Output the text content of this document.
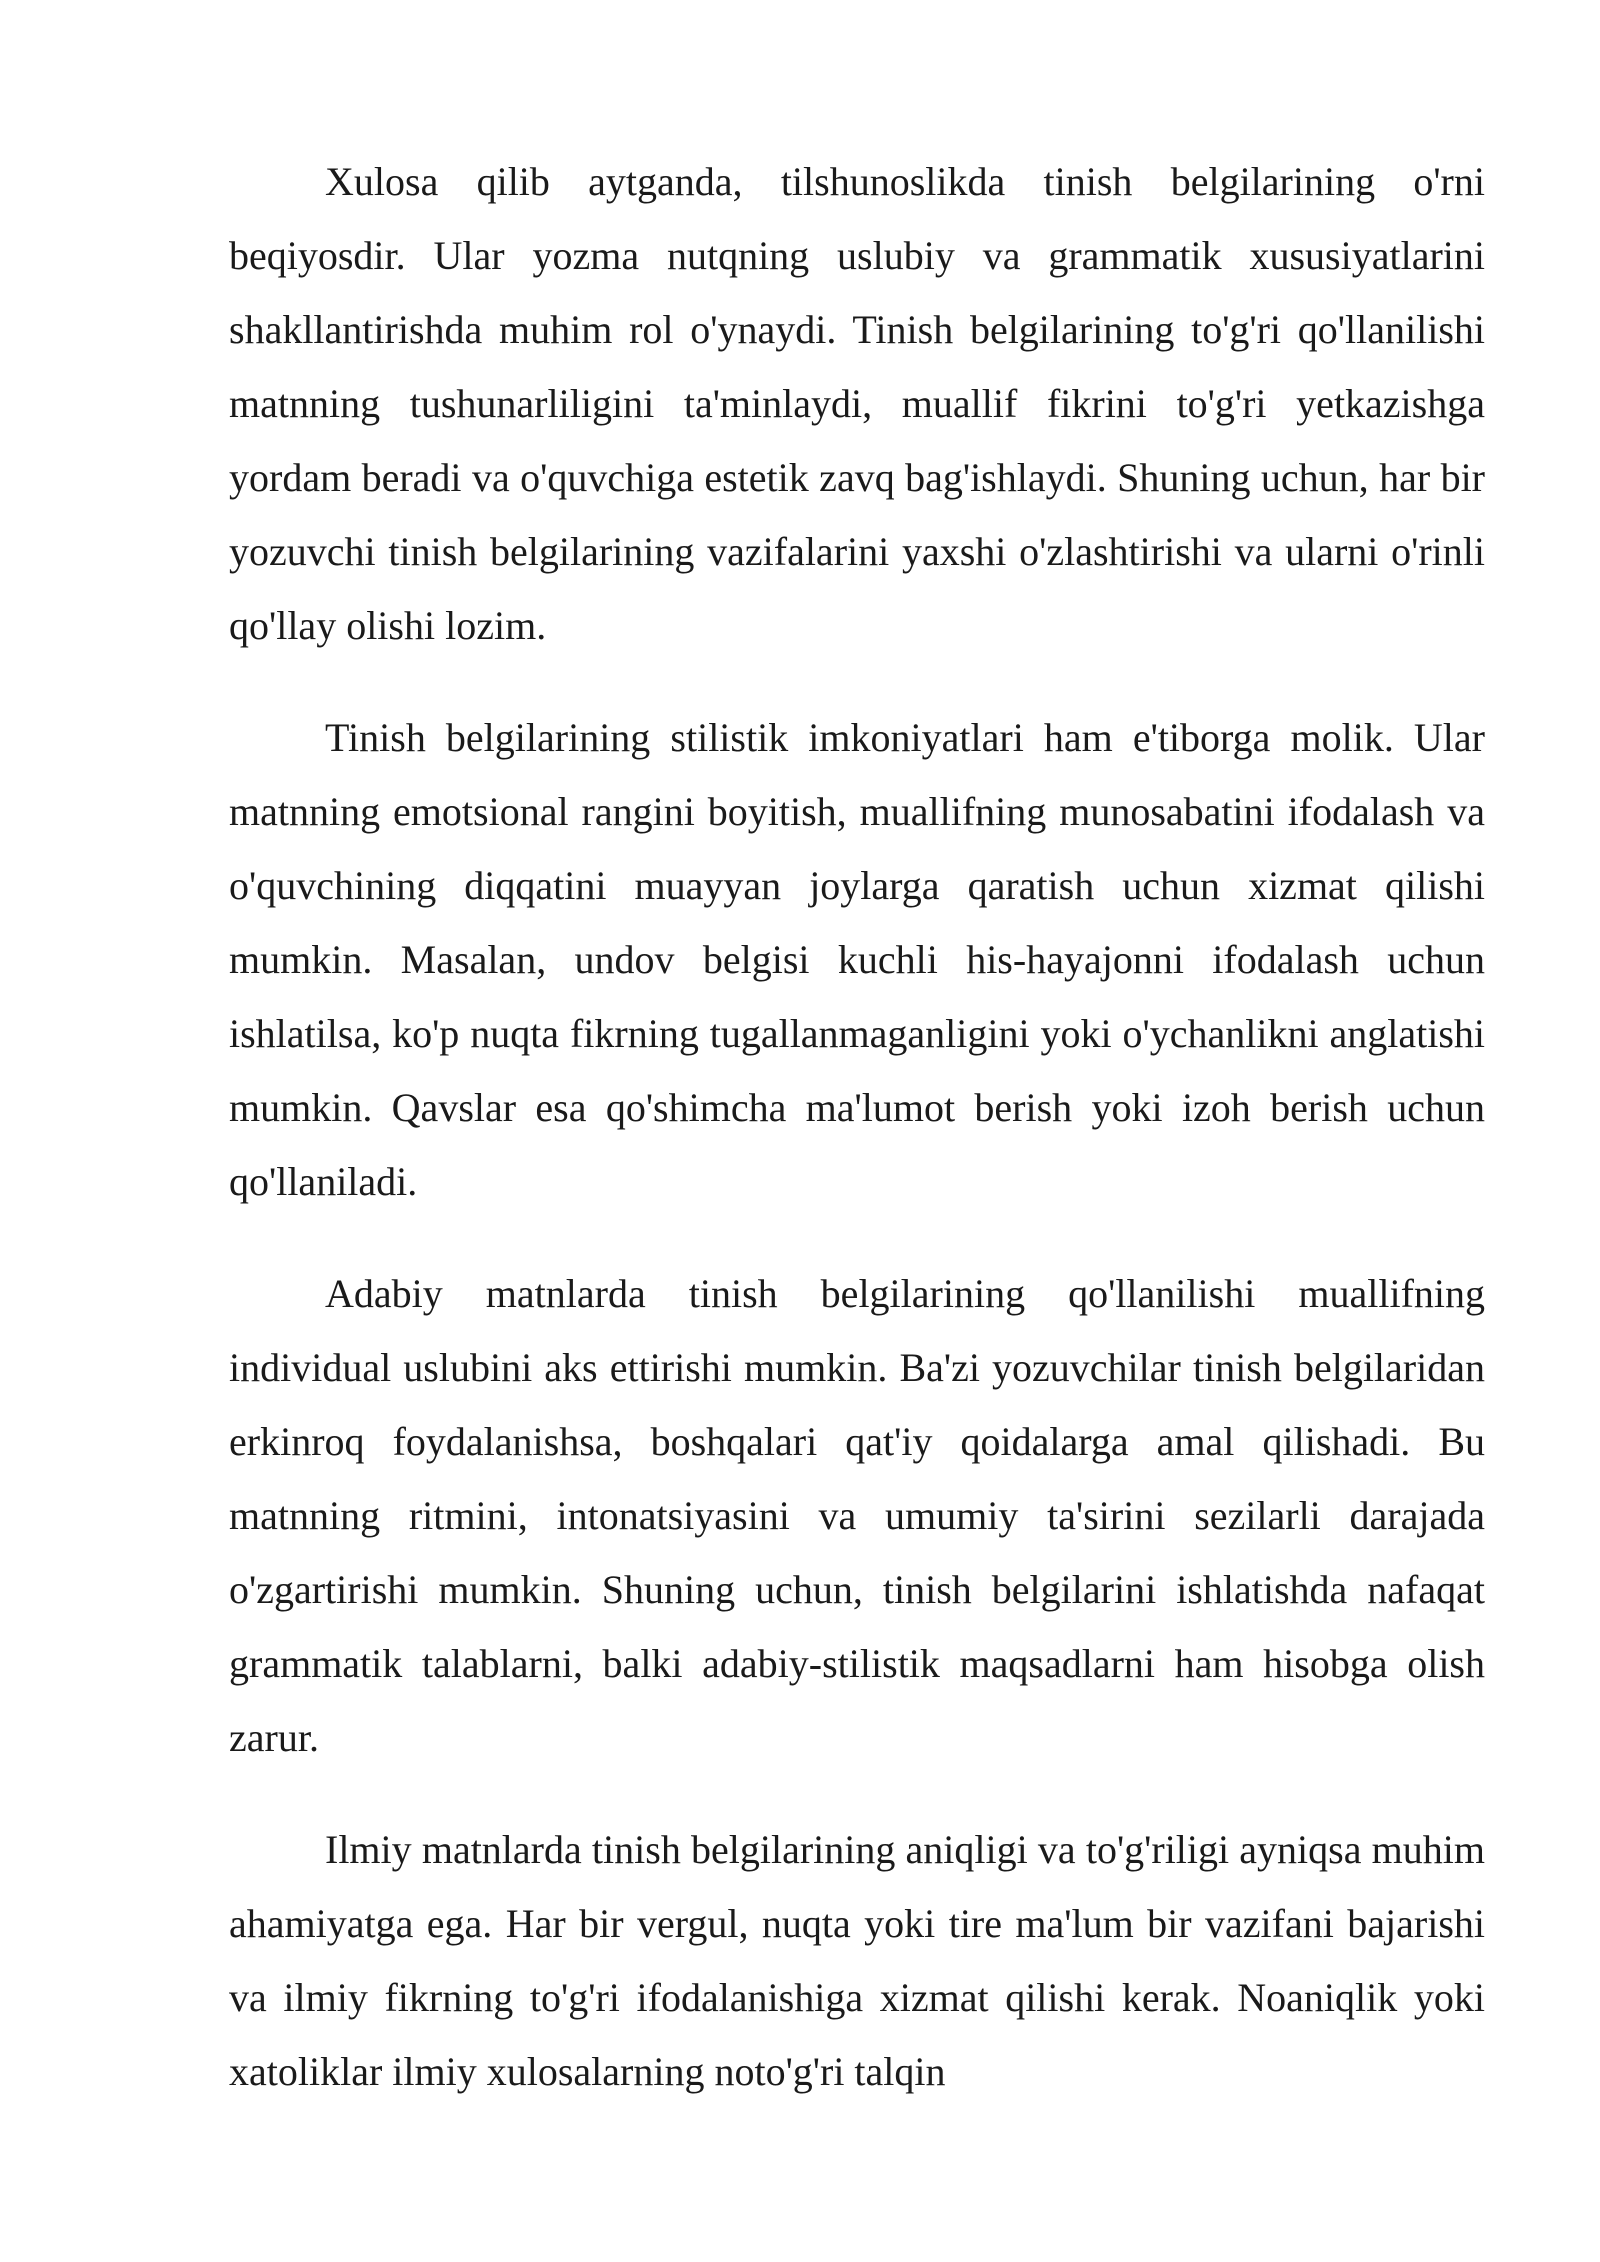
Xulosa qilib aytganda, tilshunoslikda tinish belgilarining o'rni beqiyosdir. Ular yozma nutqning uslubiy va grammatik xususiyatlarini shakllantirishda muhim rol o'ynaydi. Tinish belgilarining to'g'ri qo'llanilishi matnning tushunarliligini ta'minlaydi, muallif fikrini to'g'ri yetkazishga yordam beradi va o'quvchiga estetik zavq bag'ishlaydi. Shuning uchun, har bir yozuvchi tinish belgilarining vazifalarini yaxshi o'zlashtirishi va ularni o'rinli qo'llay olishi lozim.

Tinish belgilarining stilistik imkoniyatlari ham e'tiborga molik. Ular matnning emotsional rangini boyitish, muallifning munosabatini ifodalash va o'quvchining diqqatini muayyan joylarga qaratish uchun xizmat qilishi mumkin. Masalan, undov belgisi kuchli his-hayajonni ifodalash uchun ishlatilsa, ko'p nuqta fikrning tugallanmaganligini yoki o'ychanlikni anglatishi mumkin. Qavslar esa qo'shimcha ma'lumot berish yoki izoh berish uchun qo'llaniladi.

Adabiy matnlarda tinish belgilarining qo'llanilishi muallifning individual uslubini aks ettirishi mumkin. Ba'zi yozuvchilar tinish belgilaridan erkinroq foydalanishsa, boshqalari qat'iy qoidalarga amal qilishadi. Bu matnning ritmini, intonatsiyasini va umumiy ta'sirini sezilarli darajada o'zgartirishi mumkin. Shuning uchun, tinish belgilarini ishlatishda nafaqat grammatik talablarni, balki adabiy-stilistik maqsadlarni ham hisobga olish zarur.

Ilmiy matnlarda tinish belgilarining aniqligi va to'g'riligi ayniqsa muhim ahamiyatga ega. Har bir vergul, nuqta yoki tire ma'lum bir vazifani bajarishi va ilmiy fikrning to'g'ri ifodalanishiga xizmat qilishi kerak. Noaniqlik yoki xatoliklar ilmiy xulosalarning noto'g'ri talqin
